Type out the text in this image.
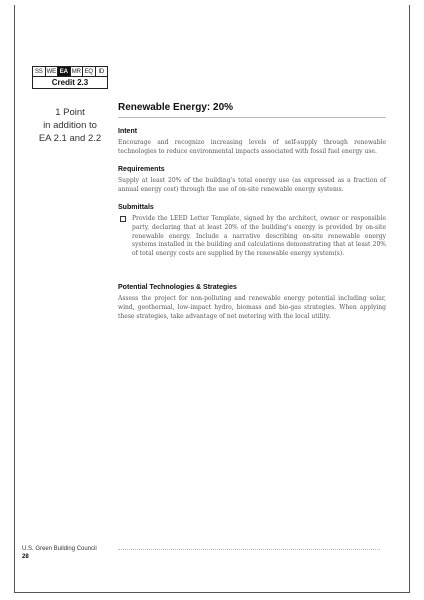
SS WE EA MR EQ ID
Credit 2.3
1 Point
in addition to
EA 2.1 and 2.2
Renewable Energy: 20%
Intent

Encourage and recognize increasing levels of self-supply through renewable technologies to reduce environmental impacts associated with fossil fuel energy use.

Requirements

Supply at least 20% of the building's total energy use (as expressed as a fraction of annual energy cost) through the use of on-site renewable energy systems.

Submittals

Provide the LEED Letter Template, signed by the architect, owner or responsible party, declaring that at least 20% of the building's energy is provided by on-site renewable energy. Include a narrative describing on-site renewable energy systems installed in the building and calculations demonstrating that at least 20% of total energy costs are supplied by the renewable energy system(s).

Potential Technologies & Strategies

Assess the project for non-polluting and renewable energy potential including solar, wind, geothermal, low-impact hydro, biomass and bio-gas strategies. When applying these strategies, take advantage of net metering with the local utility.

U.S. Green Building Council
28
